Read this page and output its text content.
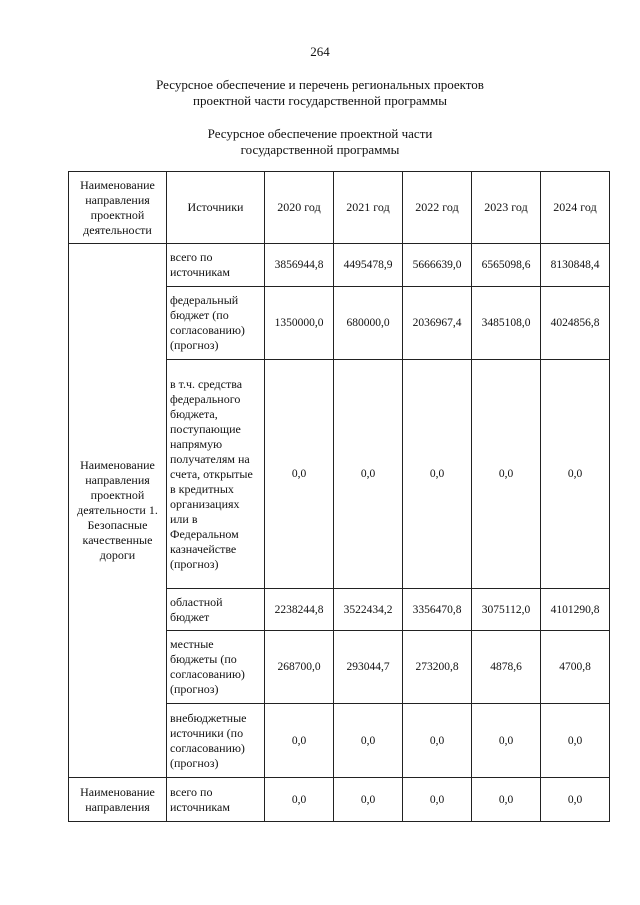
264
Ресурсное обеспечение и перечень региональных проектов
проектной части государственной программы
Ресурсное обеспечение проектной части
государственной программы
Наименование направления проектной деятельности	Источники	2020 год	2021 год	2022 год	2023 год	2024 год
Наименование направления проектной деятельности 1. Безопасные качественные дороги	всего по источникам	3856944,8	4495478,9	5666639,0	6565098,6	8130848,4
	федеральный бюджет (по согласованию) (прогноз)	1350000,0	680000,0	2036967,4	3485108,0	4024856,8
	в т.ч. средства федерального бюджета, поступающие напрямую получателям на счета, открытые в кредитных организациях или в Федеральном казначействе (прогноз)	0,0	0,0	0,0	0,0	0,0
	областной бюджет	2238244,8	3522434,2	3356470,8	3075112,0	4101290,8
	местные бюджеты (по согласованию) (прогноз)	268700,0	293044,7	273200,8	4878,6	4700,8
	внебюджетные источники (по согласованию) (прогноз)	0,0	0,0	0,0	0,0	0,0
Наименование направления	всего по источникам	0,0	0,0	0,0	0,0	0,0
